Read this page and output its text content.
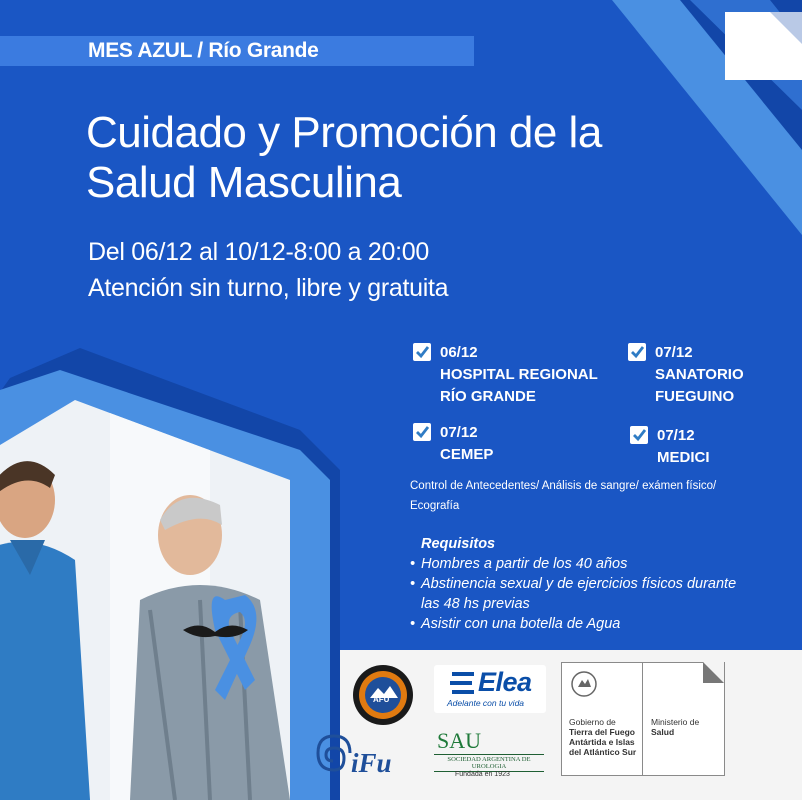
MES AZUL / Río Grande
Cuidado y Promoción de la
Salud Masculina
Del 06/12 al 10/12-8:00 a 20:00
Atención sin turno, libre y gratuita
06/12
HOSPITAL REGIONAL
RÍO GRANDE
07/12
SANATORIO
FUEGUINO
07/12
CEMEP
07/12
MEDICI
Control de Antecedentes/ Análisis de sangre/ exámen físico/
Ecografía
Requisitos
• Hombres a partir de los 40 años
• Abstinencia sexual y de ejercicios físicos durante
las 48 hs previas
• Asistir con una botella de Agua
AFU
iFu
Elea
Adelante con tu vida
SAU
SOCIEDAD ARGENTINA DE UROLOGIA
Fundada en 1923
Gobierno de
Tierra del Fuego
Antártida e Islas
del Atlántico Sur
Ministerio de
Salud
